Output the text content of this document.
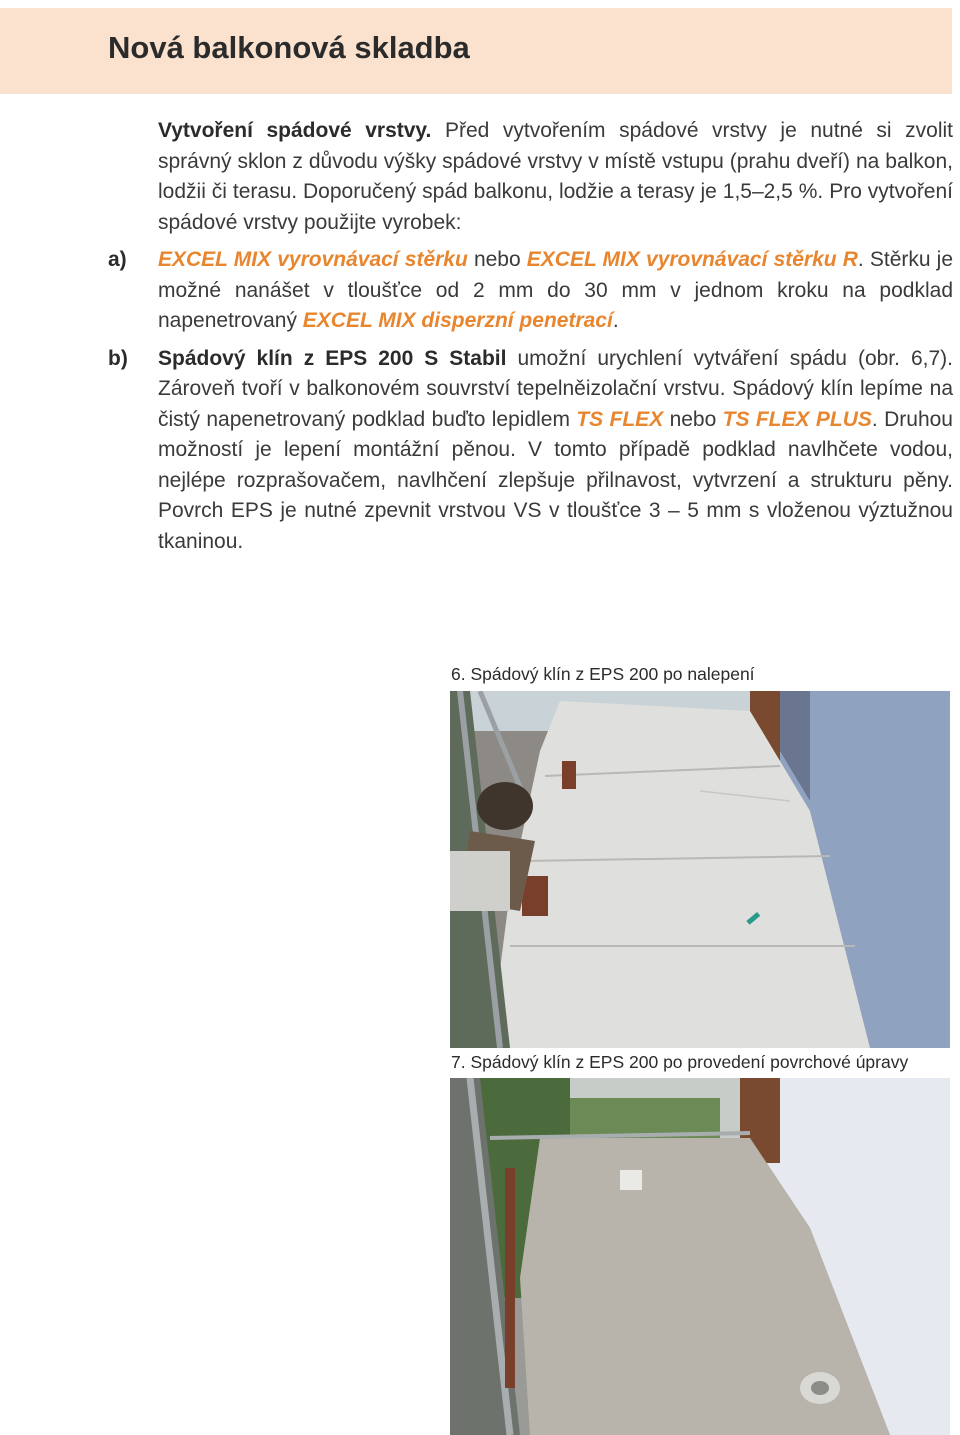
Nová balkonová skladba

Vytvoření spádové vrstvy. Před vytvořením spádové vrstvy je nutné si zvolit správný sklon z důvodu výšky spádové vrstvy v místě vstupu (prahu dveří) na balkon, lodžii či terasu. Doporučený spád balkonu, lodžie a terasy je 1,5–2,5 %. Pro vytvoření spádové vrstvy použijte vyrobek:

a) EXCEL MIX vyrovnávací stěrku nebo EXCEL MIX vyrovnávací stěrku R. Stěrku je možné nanášet v tloušťce od 2 mm do 30 mm v jednom kroku na podklad napenetrovaný EXCEL MIX disperzní penetrací.

b) Spádový klín z EPS 200 S Stabil umožní urychlení vytváření spádu (obr. 6,7). Zároveň tvoří v balkonovém souvrství tepelněizolační vrstvu. Spádový klín lepíme na čistý napenetrovaný podklad buďto lepidlem TS FLEX nebo TS FLEX PLUS. Druhou možností je lepení montážní pěnou. V tomto případě podklad navlhčete vodou, nejlépe rozprašovačem, navlhčení zlepšuje přilnavost, vytvrzení a strukturu pěny. Povrch EPS je nutné zpevnit vrstvou VS v tloušťce 3 – 5 mm s vloženou výztužnou tkaninou.

6. Spádový klín z EPS 200 po nalepení
7. Spádový klín z EPS 200 po provedení povrchové úpravy
